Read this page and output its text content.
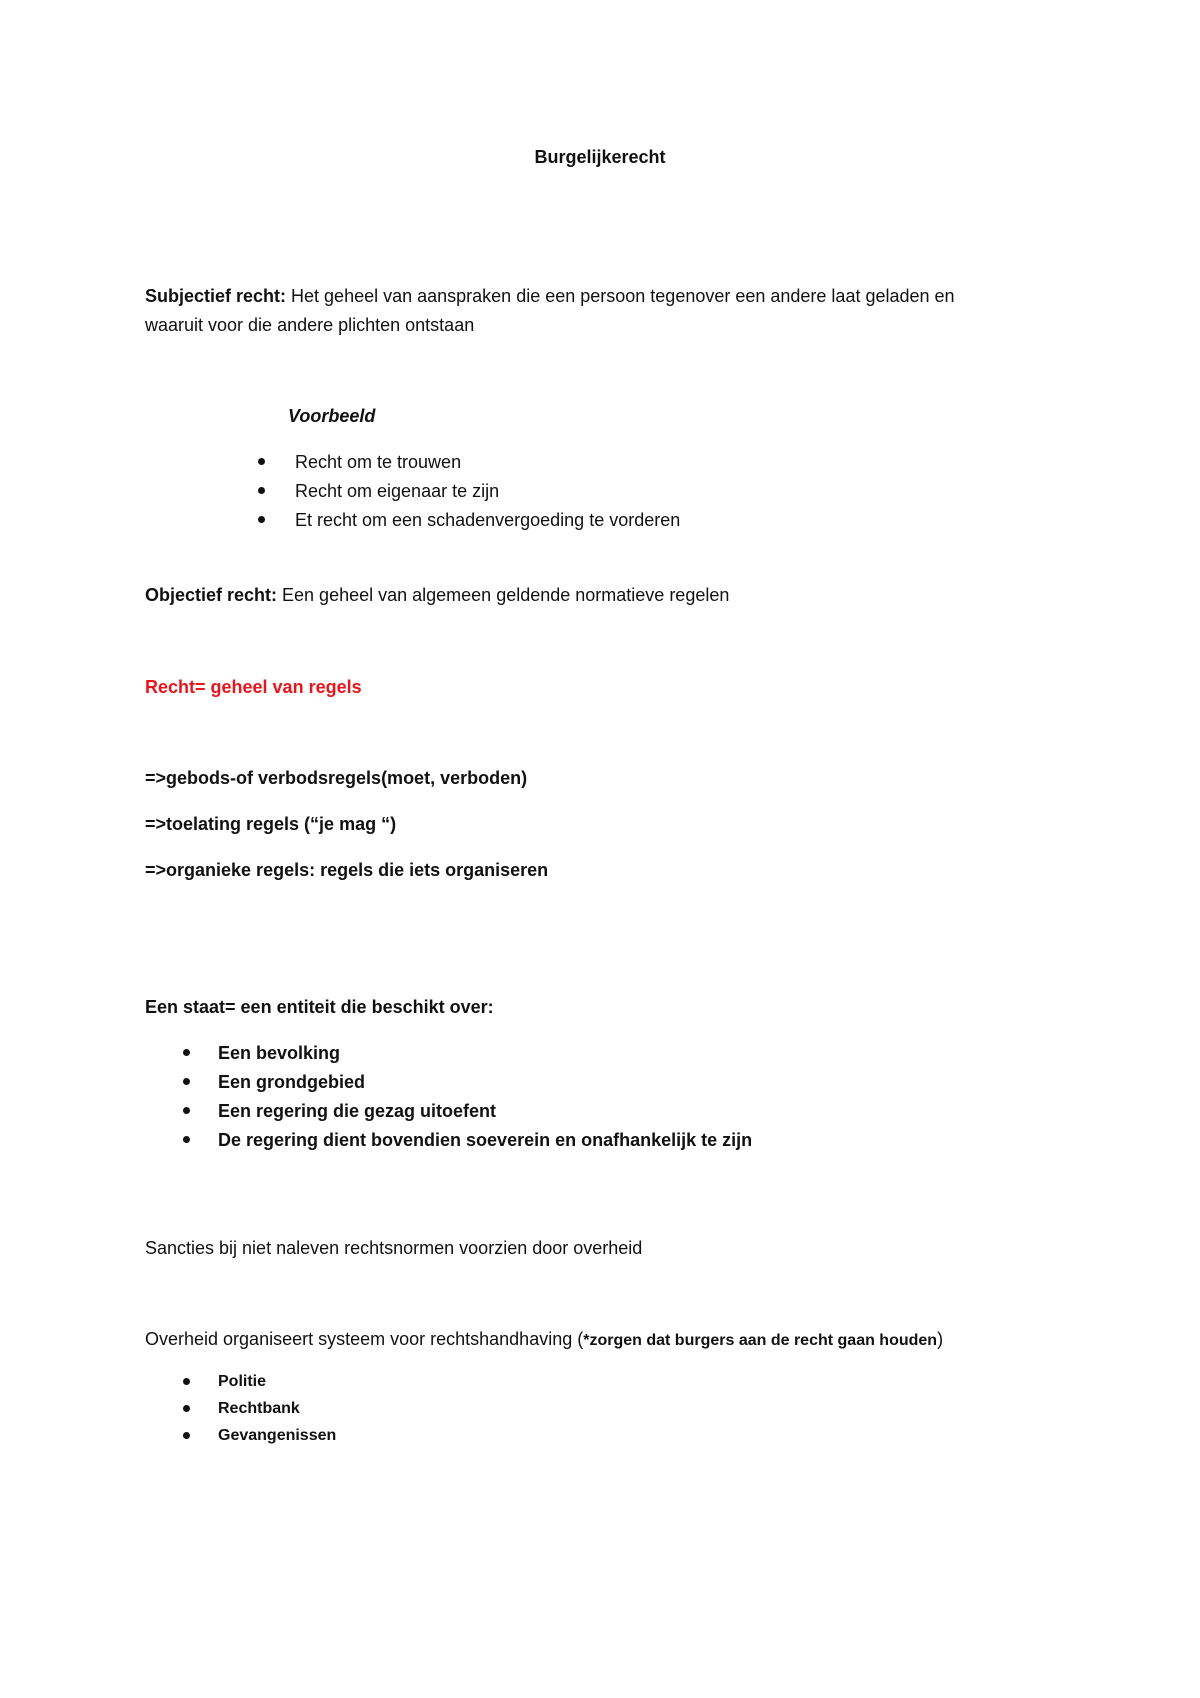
Burgelijkerecht
Subjectief recht: Het geheel van aanspraken die een persoon tegenover een andere laat geladen en
waaruit voor die andere plichten ontstaan
Voorbeeld
Recht om te trouwen
Recht om eigenaar te zijn
Et recht om een schadenvergoeding te vorderen
Objectief recht: Een geheel van algemeen geldende normatieve regelen
Recht= geheel van regels
=>gebods-of verbodsregels(moet, verboden)
=>toelating regels (“je mag “)
=>organieke regels: regels die iets organiseren
Een staat= een entiteit die beschikt over:
Een bevolking
Een grondgebied
Een regering die gezag uitoefent
De regering dient bovendien soeverein en onafhankelijk te zijn
Sancties bij niet naleven rechtsnormen voorzien door overheid
Overheid organiseert systeem voor rechtshandhaving (*zorgen dat burgers aan de recht gaan houden)
Politie
Rechtbank
Gevangenissen
